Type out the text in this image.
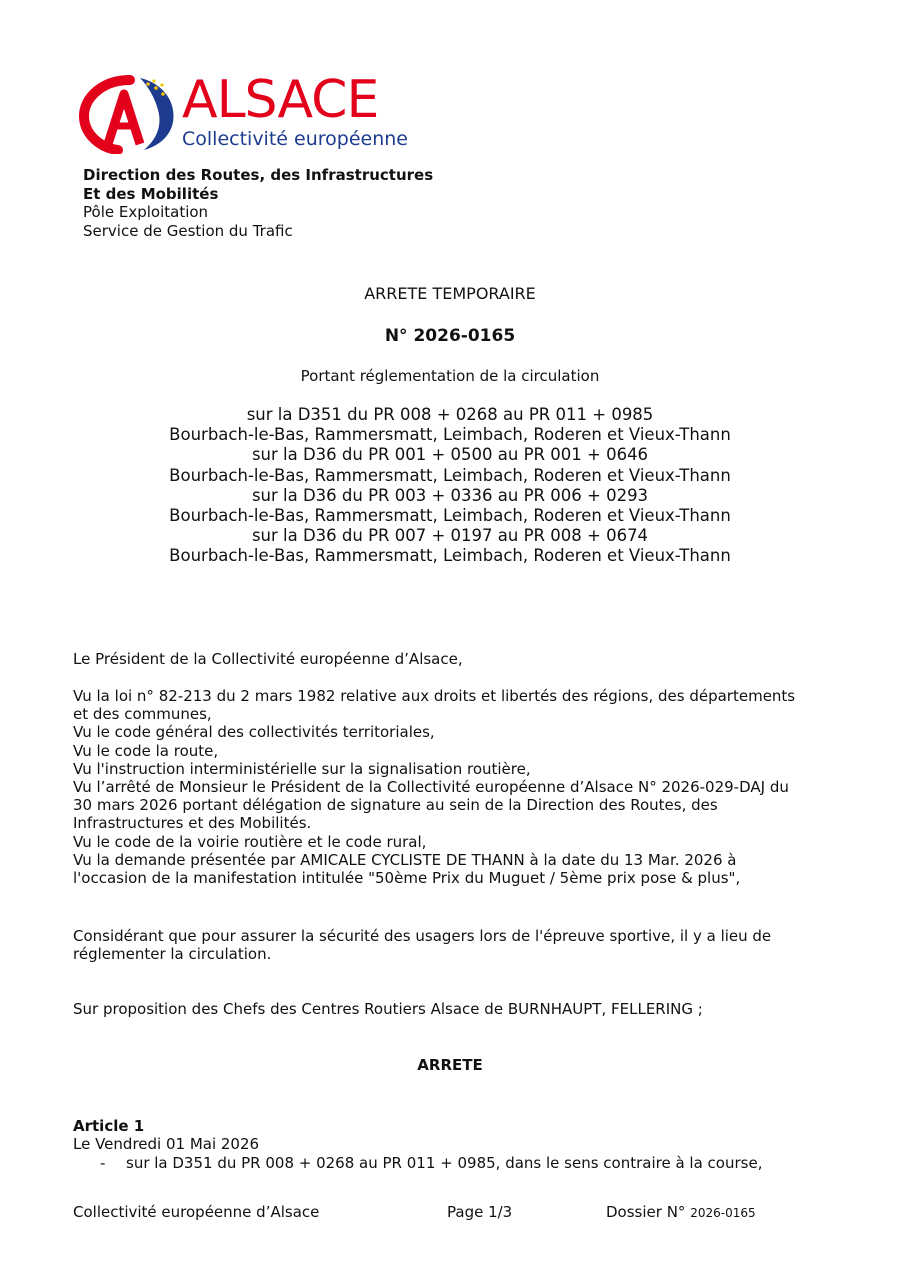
ALSACE
Collectivité européenne
Direction des Routes, des Infrastructures
Et des Mobilités
Pôle Exploitation
Service de Gestion du Trafic
ARRETE TEMPORAIRE
N° 2026-0165
Portant réglementation de la circulation
sur la D351 du PR 008 + 0268 au PR 011 + 0985
Bourbach-le-Bas, Rammersmatt, Leimbach, Roderen et Vieux-Thann
sur la D36 du PR 001 + 0500 au PR 001 + 0646
Bourbach-le-Bas, Rammersmatt, Leimbach, Roderen et Vieux-Thann
sur la D36 du PR 003 + 0336 au PR 006 + 0293
Bourbach-le-Bas, Rammersmatt, Leimbach, Roderen et Vieux-Thann
sur la D36 du PR 007 + 0197 au PR 008 + 0674
Bourbach-le-Bas, Rammersmatt, Leimbach, Roderen et Vieux-Thann
Le Président de la Collectivité européenne d’Alsace,
Vu la loi n° 82-213 du 2 mars 1982 relative aux droits et libertés des régions, des départements
et des communes,
Vu le code général des collectivités territoriales,
Vu le code la route,
Vu l'instruction interministérielle sur la signalisation routière,
Vu l’arrêté de Monsieur le Président de la Collectivité européenne d’Alsace N° 2026-029-DAJ du
30 mars 2026 portant délégation de signature au sein de la Direction des Routes, des
Infrastructures et des Mobilités.
Vu le code de la voirie routière et le code rural,
Vu la demande présentée par AMICALE CYCLISTE DE THANN à la date du 13 Mar. 2026 à
l'occasion de la manifestation intitulée "50ème Prix du Muguet / 5ème prix pose & plus",
Considérant que pour assurer la sécurité des usagers lors de l'épreuve sportive, il y a lieu de
réglementer la circulation.
Sur proposition des Chefs des Centres Routiers Alsace de BURNHAUPT, FELLERING ;
ARRETE
Article 1
Le Vendredi 01 Mai 2026
- sur la D351 du PR 008 + 0268 au PR 011 + 0985, dans le sens contraire à la course,
Collectivité européenne d’Alsace	Page 1/3	Dossier N° 2026-0165
